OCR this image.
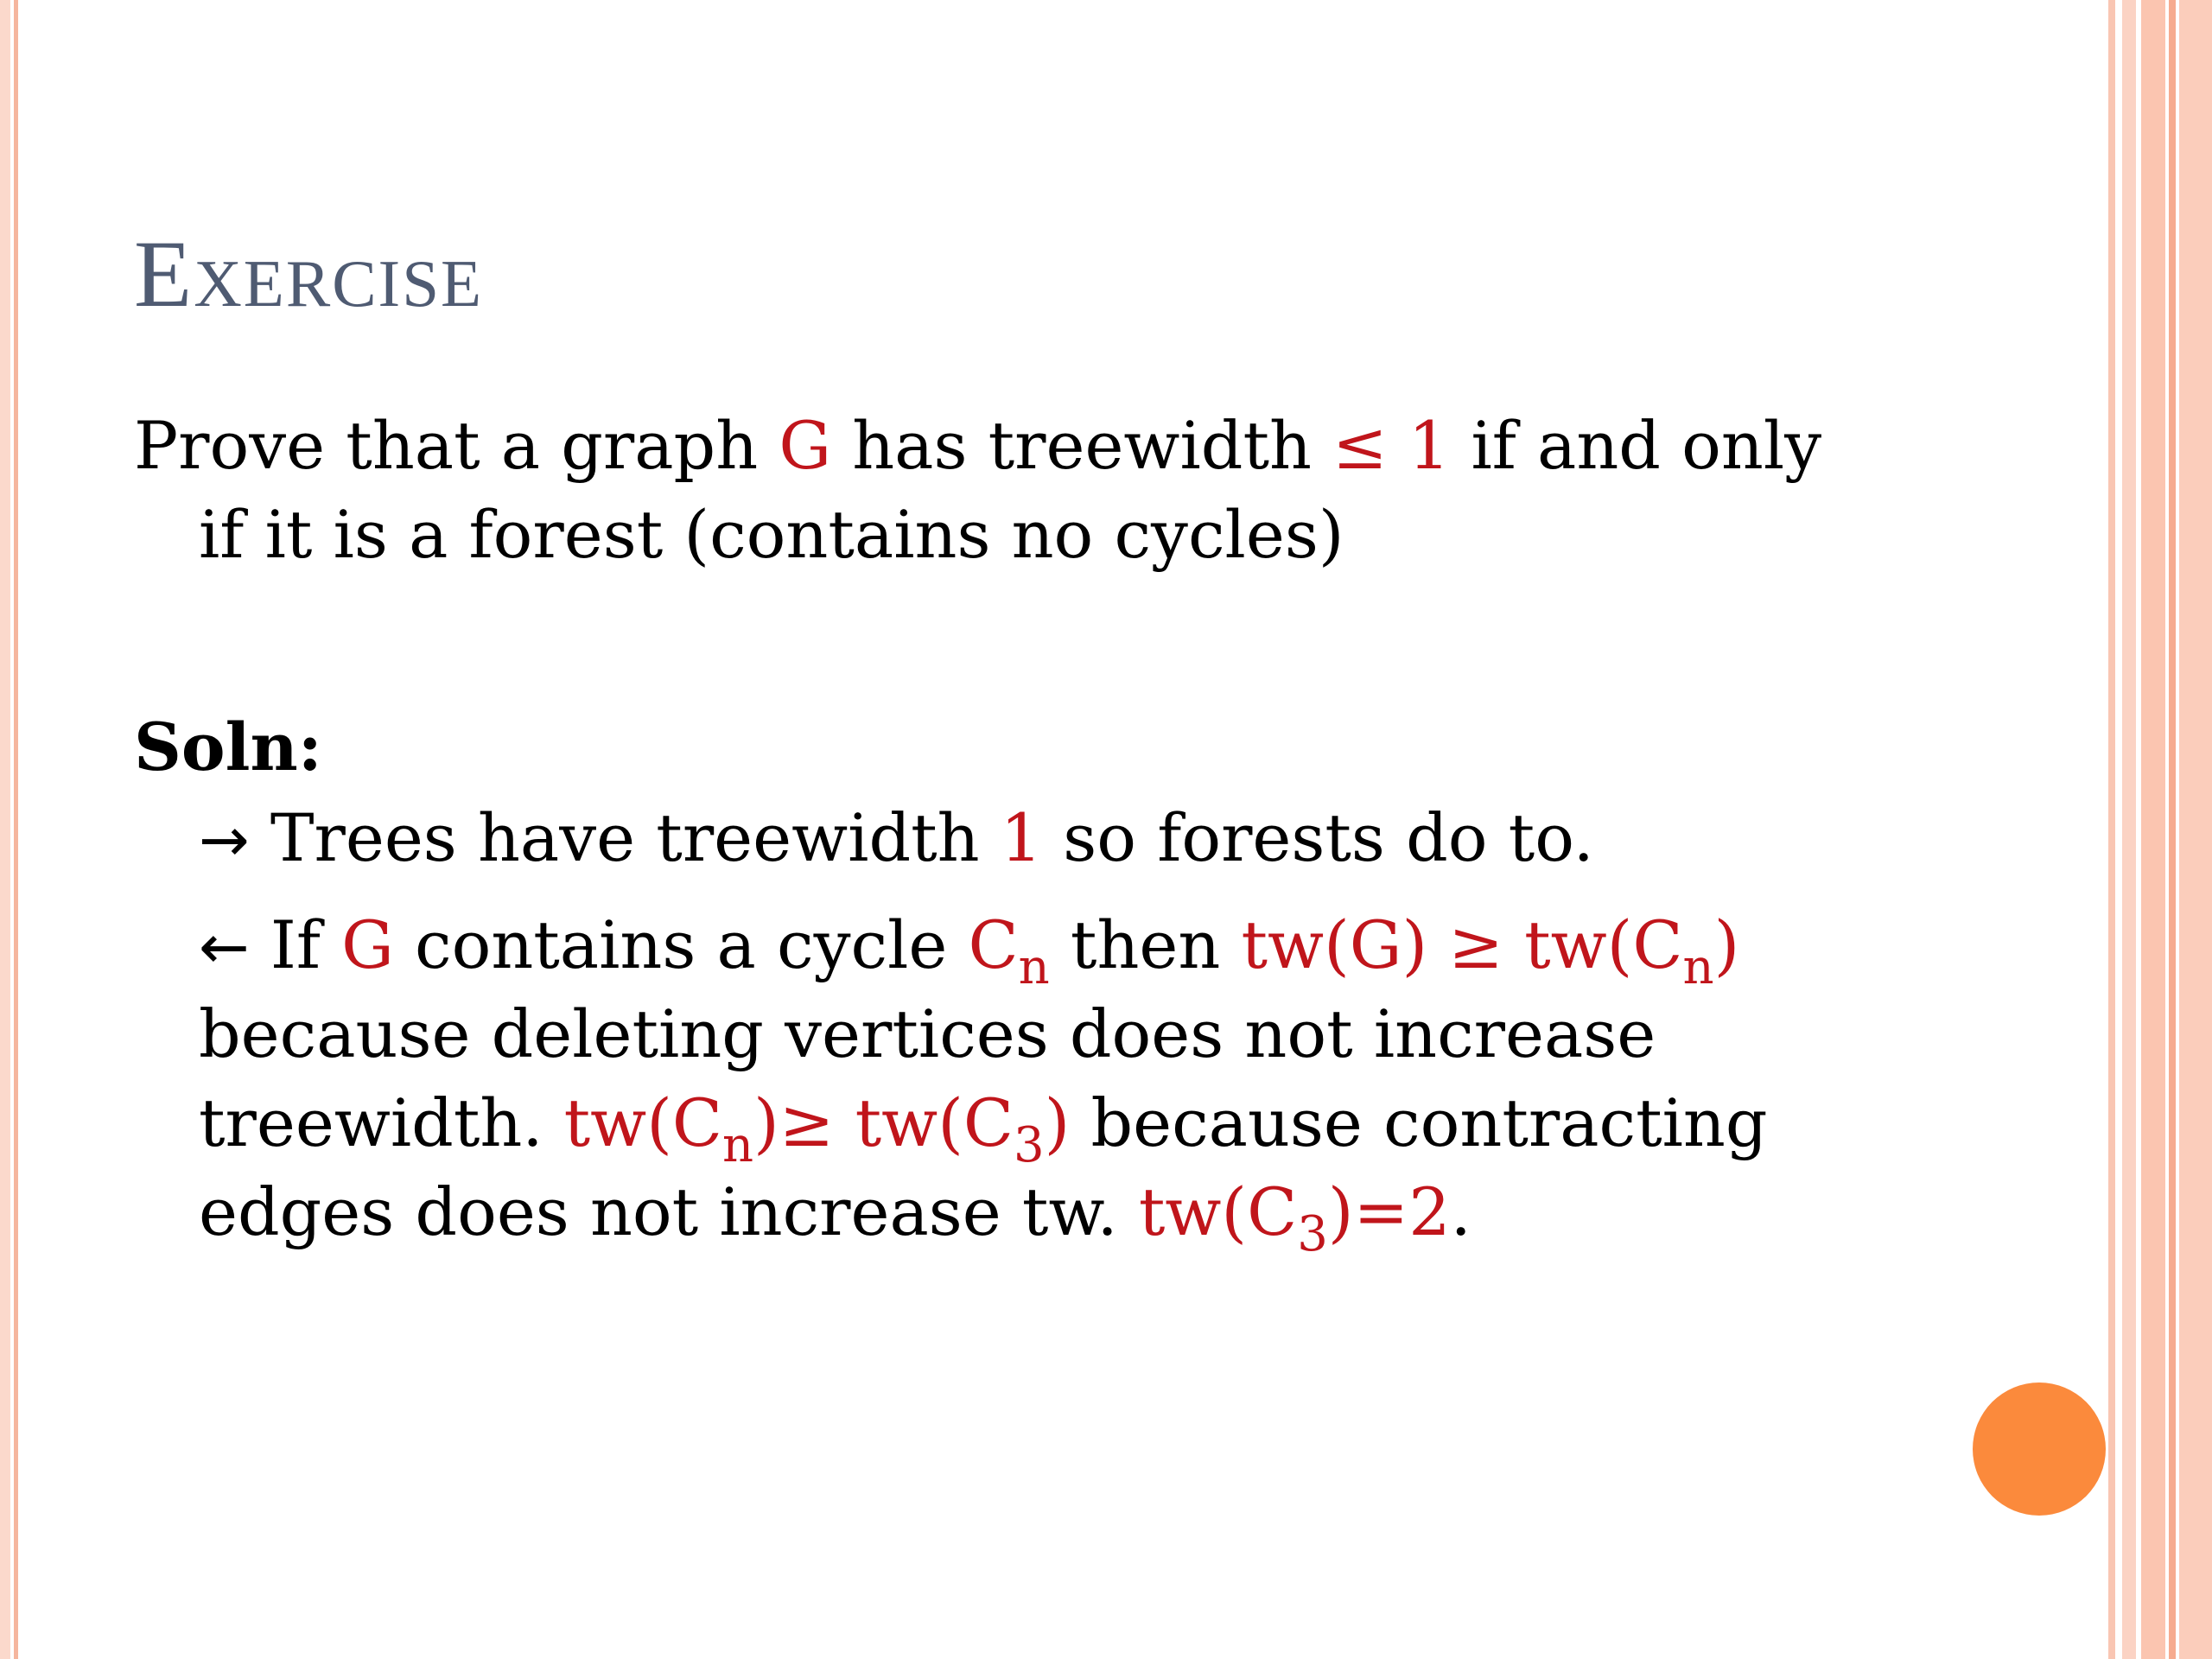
Exercise
Prove that a graph G has treewidth ≤ 1 if and only
if it is a forest (contains no cycles)
Soln:
→ Trees have treewidth 1 so forests do to.
← If G contains a cycle $C_n$ then $tw(G) \ge tw(C_n)$
because deleting vertices does not increase
treewidth. $tw(C_n)\ge tw(C_3)$ because contracting
edges does not increase tw. $tw(C_3)=2$.
